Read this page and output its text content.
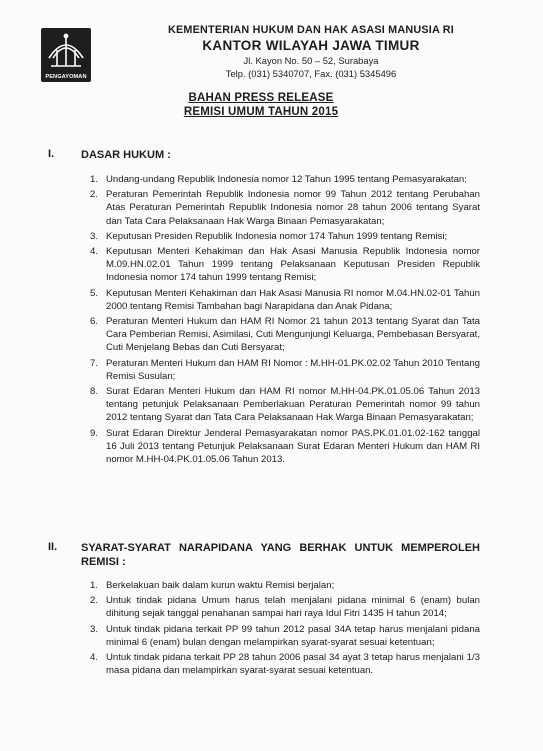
PENGAYOMAN
KEMENTERIAN HUKUM DAN HAK ASASI MANUSIA RI
KANTOR WILAYAH JAWA TIMUR
Jl. Kayon No. 50 – 52, Surabaya
Telp. (031) 5340707, Fax. (031) 5345496
BAHAN PRESS RELEASE
REMISI UMUM TAHUN 2015
I.	DASAR HUKUM :
1. Undang-undang Republik Indonesia nomor 12 Tahun 1995 tentang Pemasyarakatan;
2. Peraturan Pemerintah Republik Indonesia nomor 99 Tahun 2012 tentang Perubahan Atas Peraturan Pemerintah Republik Indonesia nomor 28 tahun 2006 tentang Syarat dan Tata Cara Pelaksanaan Hak Warga Binaan Pemasyarakatan;
3. Keputusan Presiden Republik Indonesia nomor 174 Tahun 1999 tentang Remisi;
4. Keputusan Menteri Kehakiman dan Hak Asasi Manusia Republik Indonesia nomor M.09.HN.02.01 Tahun 1999 tentang Pelaksanaan Keputusan Presiden Republik Indonesia nomor 174 tahun 1999 tentang Remisi;
5. Keputusan Menteri Kehakiman dan Hak Asasi Manusia RI nomor M.04.HN.02-01 Tahun 2000 tentang Remisi Tambahan bagi Narapidana dan Anak Pidana;
6. Peraturan Menteri Hukum dan HAM RI Nomor 21 tahun 2013 tentang Syarat dan Tata Cara Pemberian Remisi, Asimilasi, Cuti Mengunjungi Keluarga, Pembebasan Bersyarat, Cuti Menjelang Bebas dan Cuti Bersyarat;
7. Peraturan Menteri Hukum dan HAM RI Nomor : M.HH-01.PK.02.02 Tahun 2010 Tentang Remisi Susulan;
8. Surat Edaran Menteri Hukum dan HAM RI nomor M.HH-04.PK.01.05.06 Tahun 2013 tentang petunjuk Pelaksanaan Pemberlakuan Peraturan Pemerintah nomor 99 tahun 2012 tentang Syarat dan Tata Cara Pelaksanaan Hak Warga Binaan Pemasyarakatan;
9. Surat Edaran Direktur Jenderal Pemasyarakatan nomor PAS.PK.01.01.02-162 tanggal 16 Juli 2013 tentang Petunjuk Pelaksanaan Surat Edaran Menteri Hukum dan HAM RI nomor M.HH-04.PK.01.05.06 Tahun 2013.
II.	SYARAT-SYARAT NARAPIDANA YANG BERHAK UNTUK MEMPEROLEH REMISI :
1. Berkelakuan baik dalam kurun waktu Remisi berjalan;
2. Untuk tindak pidana Umum harus telah menjalani pidana minimal 6 (enam) bulan dihitung sejak tanggal penahanan sampai hari raya Idul Fitri 1435 H tahun 2014;
3. Untuk tindak pidana terkait PP 99 tahun 2012 pasal 34A tetap harus menjalani pidana minimal 6 (enam) bulan dengan melampirkan syarat-syarat sesuai ketentuan;
4. Untuk tindak pidana terkait PP 28 tahun 2006 pasal 34 ayat 3 tetap harus menjalani 1/3 masa pidana dan melampirkan syarat-syarat sesuai ketentuan.
